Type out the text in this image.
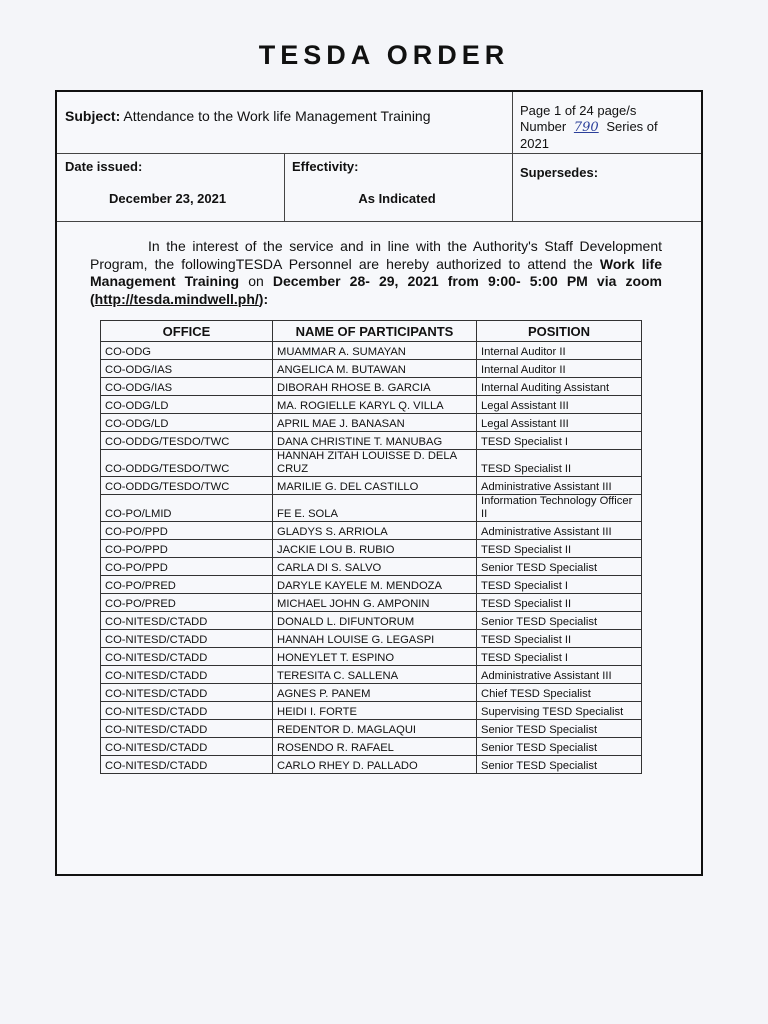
TESDA ORDER
Subject: Attendance to the Work life Management Training	Page 1 of 24 page/s
Number 790 Series of
2021
Date issued:
December 23, 2021
Effectivity:
As Indicated
Supersedes:
In the interest of the service and in line with the Authority's Staff Development Program, the followingTESDA Personnel are hereby authorized to attend the Work life Management Training on December 28- 29, 2021 from 9:00- 5:00 PM via zoom (http://tesda.mindwell.ph/):
OFFICE	NAME OF PARTICIPANTS	POSITION
CO-ODG	MUAMMAR A. SUMAYAN	Internal Auditor II
CO-ODG/IAS	ANGELICA M. BUTAWAN	Internal Auditor II
CO-ODG/IAS	DIBORAH RHOSE B. GARCIA	Internal Auditing Assistant
CO-ODG/LD	MA. ROGIELLE KARYL Q. VILLA	Legal Assistant III
CO-ODG/LD	APRIL MAE J. BANASAN	Legal Assistant III
CO-ODDG/TESDO/TWC	DANA CHRISTINE T. MANUBAG	TESD Specialist I
CO-ODDG/TESDO/TWC	HANNAH ZITAH LOUISSE D. DELA CRUZ	TESD Specialist II
CO-ODDG/TESDO/TWC	MARILIE G. DEL CASTILLO	Administrative Assistant III
CO-PO/LMID	FE E. SOLA	Information Technology Officer II
CO-PO/PPD	GLADYS S. ARRIOLA	Administrative Assistant III
CO-PO/PPD	JACKIE LOU B. RUBIO	TESD Specialist II
CO-PO/PPD	CARLA DI S. SALVO	Senior TESD Specialist
CO-PO/PRED	DARYLE KAYELE M. MENDOZA	TESD Specialist I
CO-PO/PRED	MICHAEL JOHN G. AMPONIN	TESD Specialist II
CO-NITESD/CTADD	DONALD L. DIFUNTORUM	Senior TESD Specialist
CO-NITESD/CTADD	HANNAH LOUISE G. LEGASPI	TESD Specialist II
CO-NITESD/CTADD	HONEYLET T. ESPINO	TESD Specialist I
CO-NITESD/CTADD	TERESITA C. SALLENA	Administrative Assistant III
CO-NITESD/CTADD	AGNES P. PANEM	Chief TESD Specialist
CO-NITESD/CTADD	HEIDI I. FORTE	Supervising TESD Specialist
CO-NITESD/CTADD	REDENTOR D. MAGLAQUI	Senior TESD Specialist
CO-NITESD/CTADD	ROSENDO R. RAFAEL	Senior TESD Specialist
CO-NITESD/CTADD	CARLO RHEY D. PALLADO	Senior TESD Specialist
